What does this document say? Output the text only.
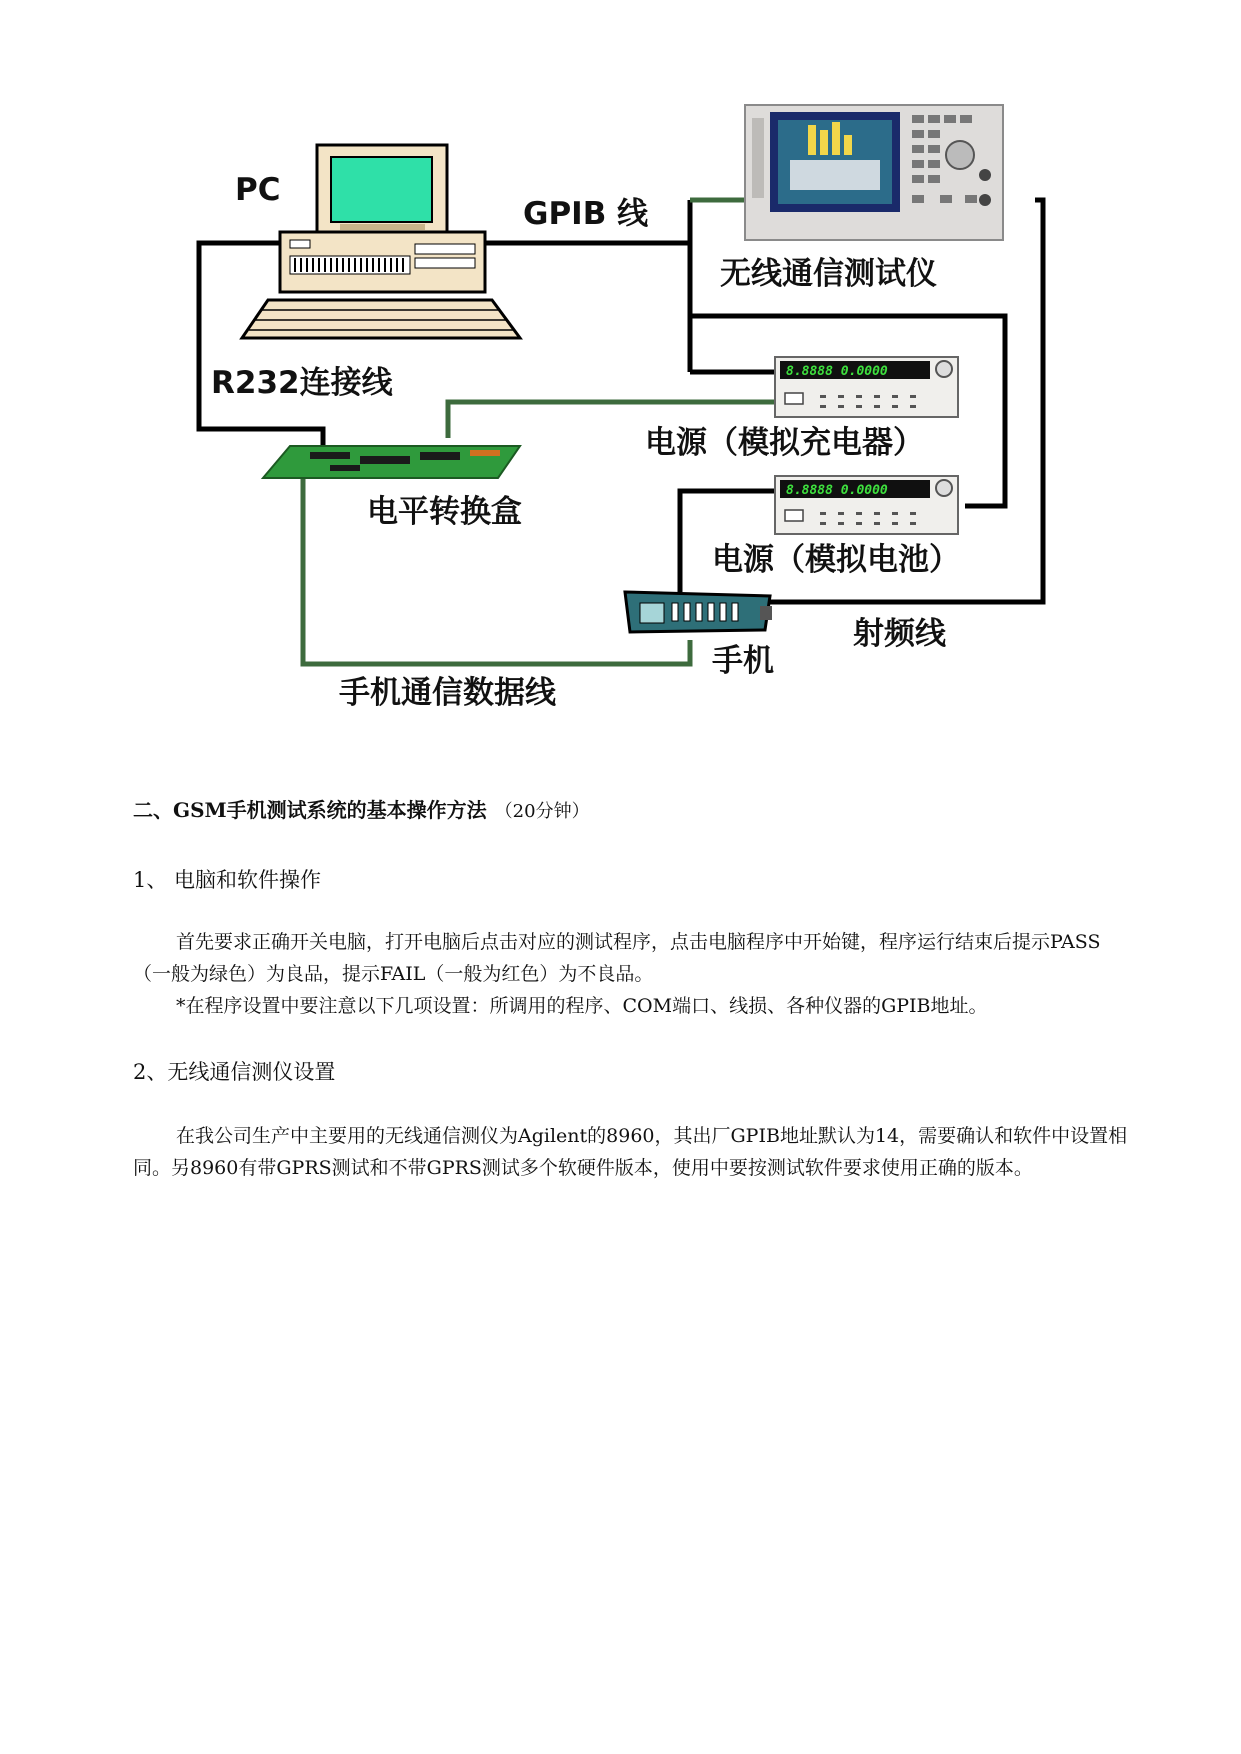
8.8888 0.0000
8.8888 0.0000
PC
GPIB 线
无线通信测试仪
R232连接线
电源（模拟充电器）
电平转换盒
电源（模拟电池）
射频线
手机
手机通信数据线
二、GSM手机测试系统的基本操作方法 （20分钟）
1、 电脑和软件操作
首先要求正确开关电脑，打开电脑后点击对应的测试程序，点击电脑程序中开始键，程序运行结束后提示PASS（一般为绿色）为良品，提示FAIL（一般为红色）为不良品。
*在程序设置中要注意以下几项设置：所调用的程序、COM端口、线损、各种仪器的GPIB地址。
2、无线通信测仪设置
在我公司生产中主要用的无线通信测仪为Agilent的8960，其出厂GPIB地址默认为14，需要确认和软件中设置相同。另8960有带GPRS测试和不带GPRS测试多个软硬件版本，使用中要按测试软件要求使用正确的版本。
